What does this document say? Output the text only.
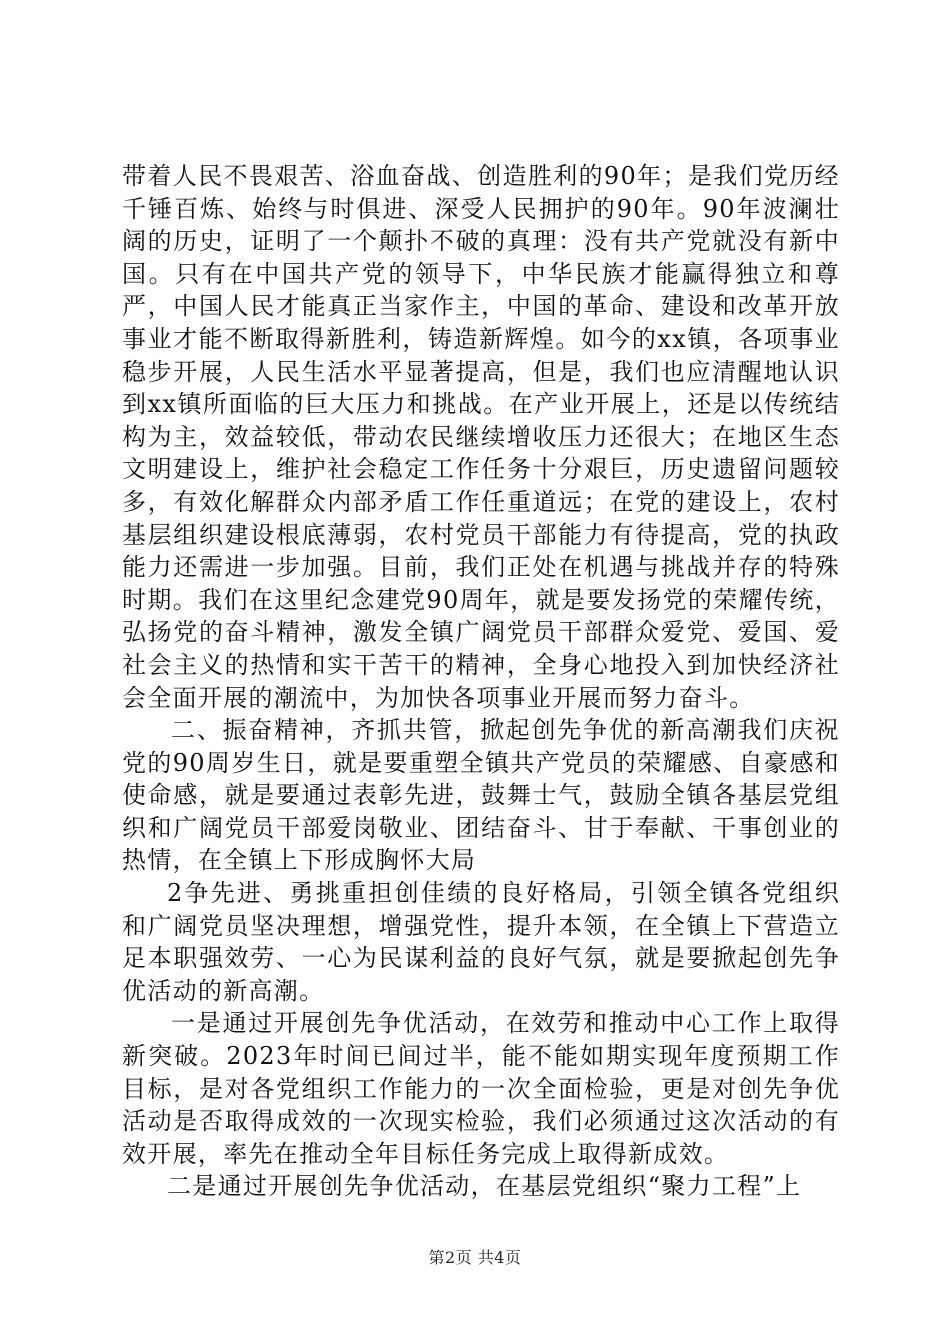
带着人民不畏艰苦、浴血奋战、创造胜利的90年；是我们党历经千锤百炼、始终与时俱进、深受人民拥护的90年。90年波澜壮阔的历史，证明了一个颠扑不破的真理：没有共产党就没有新中国。只有在中国共产党的领导下，中华民族才能赢得独立和尊严，中国人民才能真正当家作主，中国的革命、建设和改革开放事业才能不断取得新胜利，铸造新辉煌。如今的xx镇，各项事业稳步开展，人民生活水平显著提高，但是，我们也应清醒地认识到xx镇所面临的巨大压力和挑战。在产业开展上，还是以传统结构为主，效益较低，带动农民继续增收压力还很大；在地区生态文明建设上，维护社会稳定工作任务十分艰巨，历史遗留问题较多，有效化解群众内部矛盾工作任重道远；在党的建设上，农村基层组织建设根底薄弱，农村党员干部能力有待提高，党的执政能力还需进一步加强。目前，我们正处在机遇与挑战并存的特殊时期。我们在这里纪念建党90周年，就是要发扬党的荣耀传统，弘扬党的奋斗精神，激发全镇广阔党员干部群众爱党、爱国、爱社会主义的热情和实干苦干的精神，全身心地投入到加快经济社会全面开展的潮流中，为加快各项事业开展而努力奋斗。

二、振奋精神，齐抓共管，掀起创先争优的新高潮我们庆祝党的90周岁生日，就是要重塑全镇共产党员的荣耀感、自豪感和使命感，就是要通过表彰先进，鼓舞士气，鼓励全镇各基层党组织和广阔党员干部爱岗敬业、团结奋斗、甘于奉献、干事创业的热情，在全镇上下形成胸怀大局

2争先进、勇挑重担创佳绩的良好格局，引领全镇各党组织和广阔党员坚决理想，增强党性，提升本领，在全镇上下营造立足本职强效劳、一心为民谋利益的良好气氛，就是要掀起创先争优活动的新高潮。

一是通过开展创先争优活动，在效劳和推动中心工作上取得新突破。2023年时间已间过半，能不能如期实现年度预期工作目标，是对各党组织工作能力的一次全面检验，更是对创先争优活动是否取得成效的一次现实检验，我们必须通过这次活动的有效开展，率先在推动全年目标任务完成上取得新成效。

二是通过开展创先争优活动，在基层党组织“聚力工程”上

第2页 共4页
